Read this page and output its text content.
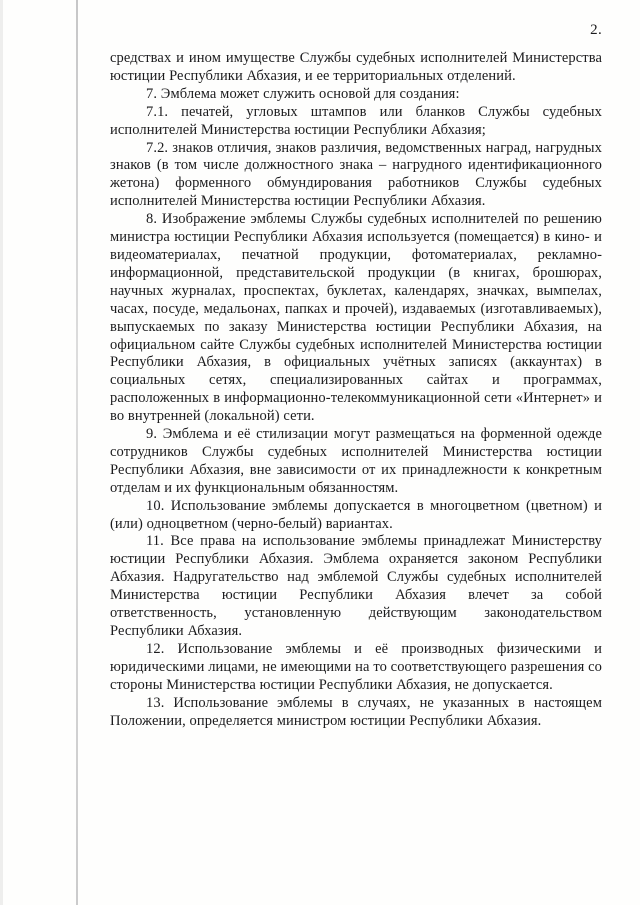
2.

средствах и ином имуществе Службы судебных исполнителей Министерства юстиции Республики Абхазия, и ее территориальных отделений.

7. Эмблема может служить основой для создания:

7.1. печатей, угловых штампов или бланков Службы судебных исполнителей Министерства юстиции Республики Абхазия;

7.2. знаков отличия, знаков различия, ведомственных наград, нагрудных знаков (в том числе должностного знака – нагрудного идентификационного жетона) форменного обмундирования работников Службы судебных исполнителей Министерства юстиции Республики Абхазия.

8. Изображение эмблемы Службы судебных исполнителей по решению министра юстиции Республики Абхазия используется (помещается) в кино- и видеоматериалах, печатной продукции, фотоматериалах, рекламно-информационной, представительской продукции (в книгах, брошюрах, научных журналах, проспектах, буклетах, календарях, значках, вымпелах, часах, посуде, медальонах, папках и прочей), издаваемых (изготавливаемых), выпускаемых по заказу Министерства юстиции Республики Абхазия, на официальном сайте Службы судебных исполнителей Министерства юстиции Республики Абхазия, в официальных учётных записях (аккаунтах) в социальных сетях, специализированных сайтах и программах, расположенных в информационно-телекоммуникационной сети «Интернет» и во внутренней (локальной) сети.

9. Эмблема и её стилизации могут размещаться на форменной одежде сотрудников Службы судебных исполнителей Министерства юстиции Республики Абхазия, вне зависимости от их принадлежности к конкретным отделам и их функциональным обязанностям.

10. Использование эмблемы допускается в многоцветном (цветном) и (или) одноцветном (черно-белый) вариантах.

11. Все права на использование эмблемы принадлежат Министерству юстиции Республики Абхазия. Эмблема охраняется законом Республики Абхазия. Надругательство над эмблемой Службы судебных исполнителей Министерства юстиции Республики Абхазия влечет за собой ответственность, установленную действующим законодательством Республики Абхазия.

12. Использование эмблемы и её производных физическими и юридическими лицами, не имеющими на то соответствующего разрешения со стороны Министерства юстиции Республики Абхазия, не допускается.

13. Использование эмблемы в случаях, не указанных в настоящем Положении, определяется министром юстиции Республики Абхазия.
